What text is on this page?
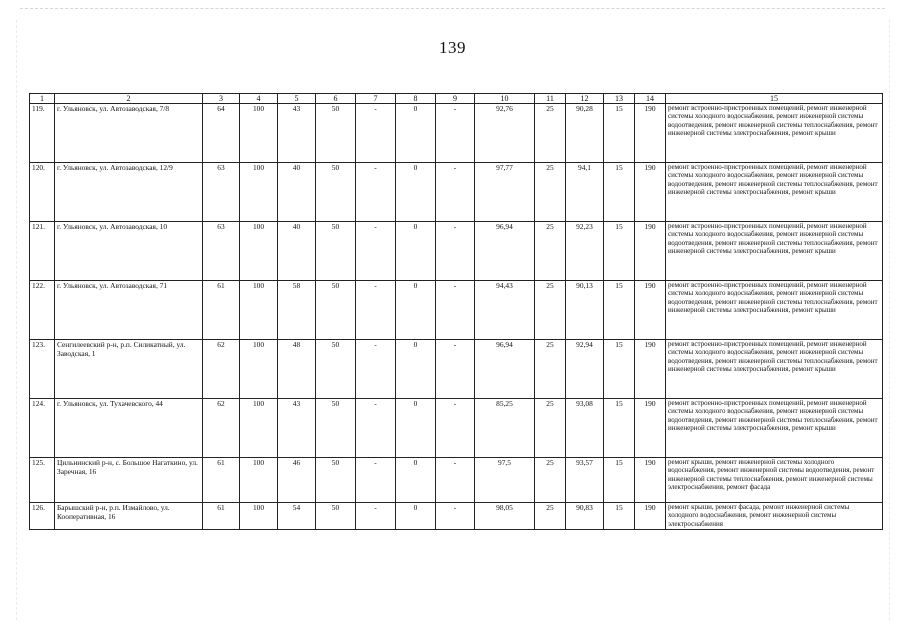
139
1	2	3	4	5	6	7	8	9	10	11	12	13	14	15
119.	г. Ульяновск, ул. Автозаводская, 7/8	64	100	43	50	-	0	-	92,76	25	90,28	15	190	ремонт встроенно-пристроенных помещений, ремонт инженерной системы холодного водоснабжения, ремонт инженерной системы водоотведения, ремонт инженерной системы теплоснабжения, ремонт инженерной системы электроснабжения, ремонт крыши
120.	г. Ульяновск, ул. Автозаводская, 12/9	63	100	40	50	-	0	-	97,77	25	94,1	15	190	ремонт встроенно-пристроенных помещений, ремонт инженерной системы холодного водоснабжения, ремонт инженерной системы водоотведения, ремонт инженерной системы теплоснабжения, ремонт инженерной системы электроснабжения, ремонт крыши
121.	г. Ульяновск, ул. Автозаводская, 10	63	100	40	50	-	0	-	96,94	25	92,23	15	190	ремонт встроенно-пристроенных помещений, ремонт инженерной системы холодного водоснабжения, ремонт инженерной системы водоотведения, ремонт инженерной системы теплоснабжения, ремонт инженерной системы электроснабжения, ремонт крыши
122.	г. Ульяновск, ул. Автозаводская, 71	61	100	58	50	-	0	-	94,43	25	90,13	15	190	ремонт встроенно-пристроенных помещений, ремонт инженерной системы холодного водоснабжения, ремонт инженерной системы водоотведения, ремонт инженерной системы теплоснабжения, ремонт инженерной системы электроснабжения, ремонт крыши
123.	Сенгилеевский р-н, р.п. Силикатный, ул. Заводская, 1	62	100	48	50	-	0	-	96,94	25	92,94	15	190	ремонт встроенно-пристроенных помещений, ремонт инженерной системы холодного водоснабжения, ремонт инженерной системы водоотведения, ремонт инженерной системы теплоснабжения, ремонт инженерной системы электроснабжения, ремонт крыши
124.	г. Ульяновск, ул. Тухачевского, 44	62	100	43	50	-	0	-	85,25	25	93,08	15	190	ремонт встроенно-пристроенных помещений, ремонт инженерной системы холодного водоснабжения, ремонт инженерной системы водоотведения, ремонт инженерной системы теплоснабжения, ремонт инженерной системы электроснабжения, ремонт крыши
125.	Цильнинский р-н, с. Большое Нагаткино, ул. Заречная, 16	61	100	46	50	-	0	-	97,5	25	93,57	15	190	ремонт крыши, ремонт инженерной системы холодного водоснабжения, ремонт инженерной системы водоотведения, ремонт инженерной системы теплоснабжения, ремонт инженерной системы электроснабжения, ремонт фасада
126.	Барышский р-н, р.п. Измайлово, ул. Кооперативная, 16	61	100	54	50	-	0	-	98,05	25	90,83	15	190	ремонт крыши, ремонт фасада, ремонт инженерной системы холодного водоснабжения, ремонт инженерной системы электроснабжения
